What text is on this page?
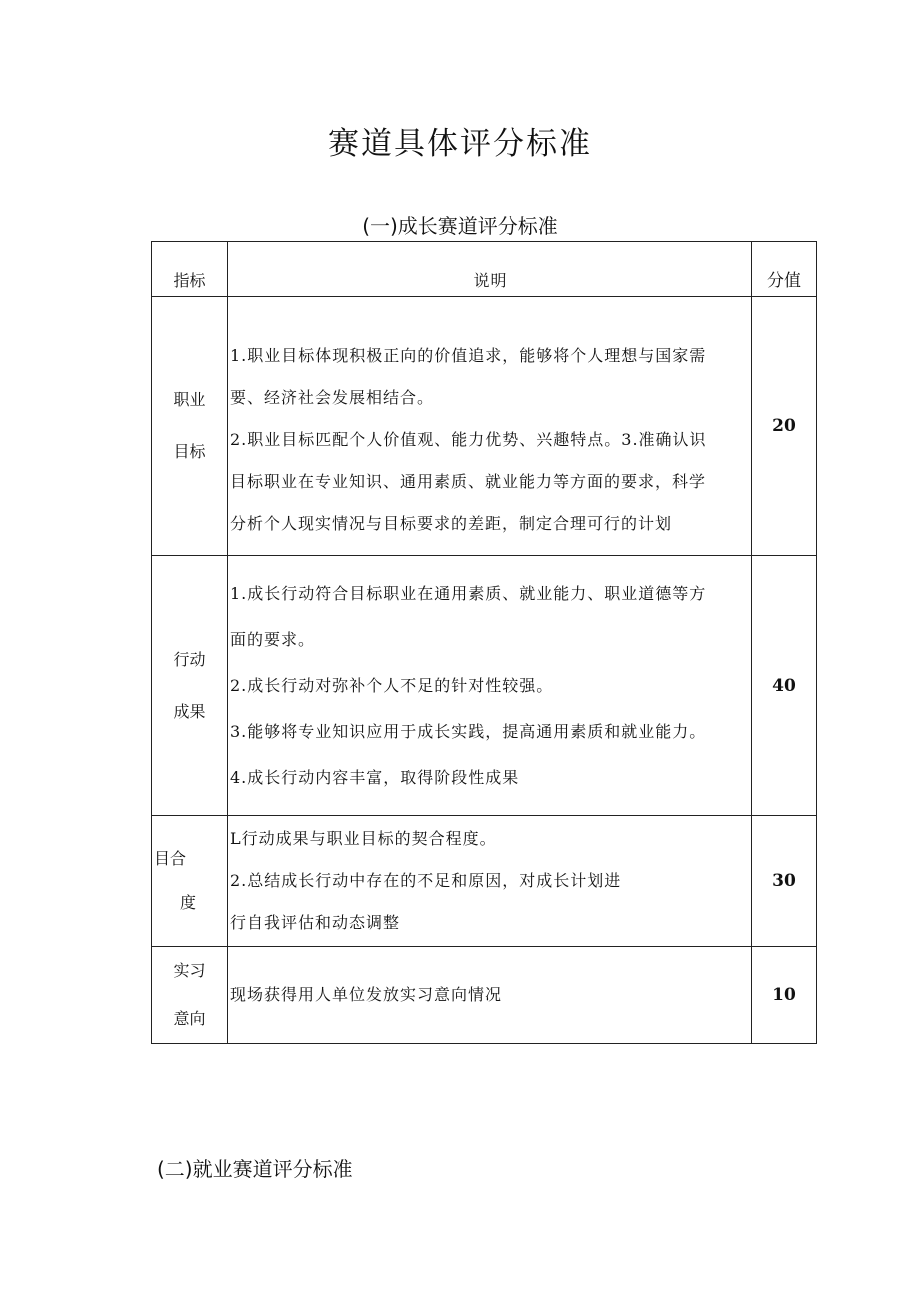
赛道具体评分标准
(一)成长赛道评分标准
指标	说明	分值

职业
目标	1.职业目标体现积极正向的价值追求，能够将个人理想与国家需
要、经济社会发展相结合。
2.职业目标匹配个人价值观、能力优势、兴趣特点。3.准确认识
目标职业在专业知识、通用素质、就业能力等方面的要求，科学
分析个人现实情况与目标要求的差距，制定合理可行的计划	20

行动
成果	1.成长行动符合目标职业在通用素质、就业能力、职业道德等方
面的要求。
2.成长行动对弥补个人不足的针对性较强。
3.能够将专业知识应用于成长实践，提高通用素质和就业能力。
4.成长行动内容丰富，取得阶段性成果	40

目合
度	L行动成果与职业目标的契合程度。
2.总结成长行动中存在的不足和原因，对成长计划进
行自我评估和动态调整	30

实习
意向	现场获得用人单位发放实习意向情况	10
(二)就业赛道评分标准
